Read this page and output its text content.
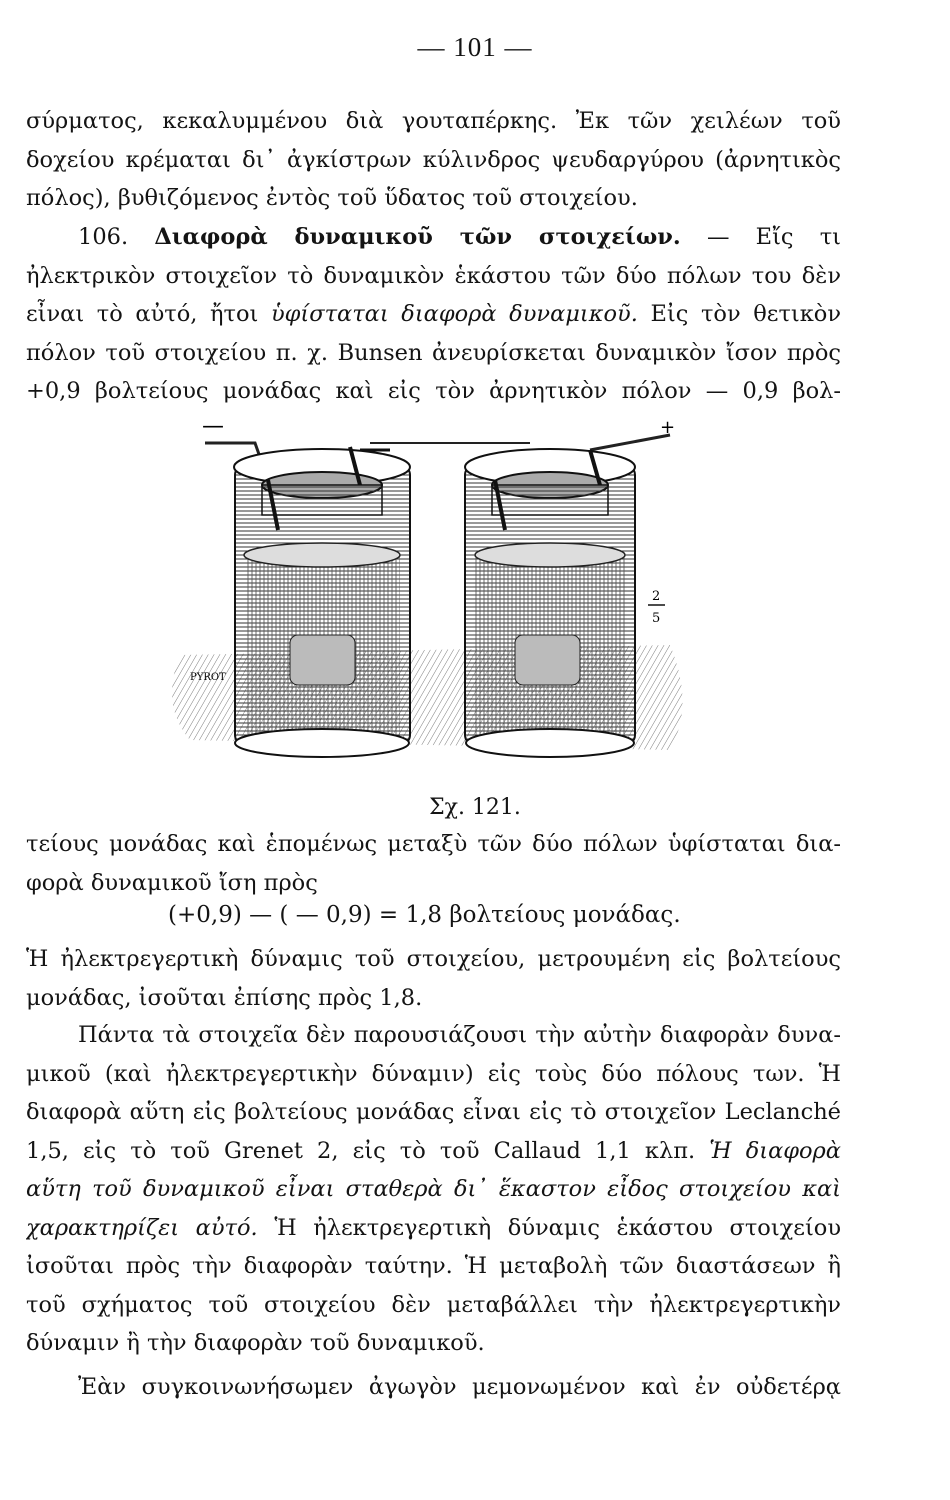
— 101 —
σύρματος, κεκαλυμμένου διὰ γουταπέρκης. Ἐκ τῶν χειλέων τοῦ
δοχείου κρέμαται δι᾽ ἀγκίστρων κύλινδρος ψευδαργύρου (ἀρνητικὸς
πόλος), βυθιζόμενος ἐντὸς τοῦ ὕδατος τοῦ στοιχείου.
106. Διαφορὰ δυναμικοῦ τῶν στοιχείων. — Εἴς τι
ἠλεκτρικὸν στοιχεῖον τὸ δυναμικὸν ἑκάστου τῶν δύο πόλων του δὲν
εἶναι τὸ αὐτό, ἤτοι ὑφίσταται διαφορὰ δυναμικοῦ. Εἰς τὸν θετικὸν
πόλον τοῦ στοιχείου π. χ. Bunsen ἀνευρίσκεται δυναμικὸν ἴσον πρὸς
+0,9 βολτείους μονάδας καὶ εἰς τὸν ἀρνητικὸν πόλον — 0,9 βολ-
—	+
PYROT
2
5
Σχ. 121.
τείους μονάδας καὶ ἑπομένως μεταξὺ τῶν δύο πόλων ὑφίσταται δια-
φορὰ δυναμικοῦ ἴση πρὸς
(+0,9) — ( — 0,9) = 1,8 βολτείους μονάδας.
Ἡ ἠλεκτρεγερτικὴ δύναμις τοῦ στοιχείου, μετρουμένη εἰς βολτείους
μονάδας, ἰσοῦται ἐπίσης πρὸς 1,8.
Πάντα τὰ στοιχεῖα δὲν παρουσιάζουσι τὴν αὐτὴν διαφορὰν δυνα-
μικοῦ (καὶ ἠλεκτρεγερτικὴν δύναμιν) εἰς τοὺς δύο πόλους των. Ἡ
διαφορὰ αὕτη εἰς βολτείους μονάδας εἶναι εἰς τὸ στοιχεῖον Leclanché
1,5, εἰς τὸ τοῦ Grenet 2, εἰς τὸ τοῦ Callaud 1,1 κλπ. Ἡ διαφορὰ
αὕτη τοῦ δυναμικοῦ εἶναι σταθερὰ δι᾽ ἕκαστον εἶδος στοιχείου καὶ
χαρακτηρίζει αὐτό. Ἡ ἠλεκτρεγερτικὴ δύναμις ἑκάστου στοιχείου
ἰσοῦται πρὸς τὴν διαφορὰν ταύτην. Ἡ μεταβολὴ τῶν διαστάσεων ἢ
τοῦ σχήματος τοῦ στοιχείου δὲν μεταβάλλει τὴν ἠλεκτρεγερτικὴν
δύναμιν ἢ τὴν διαφορὰν τοῦ δυναμικοῦ.
Ἐὰν συγκοινωνήσωμεν ἀγωγὸν μεμονωμένον καὶ ἐν οὐδετέρᾳ
